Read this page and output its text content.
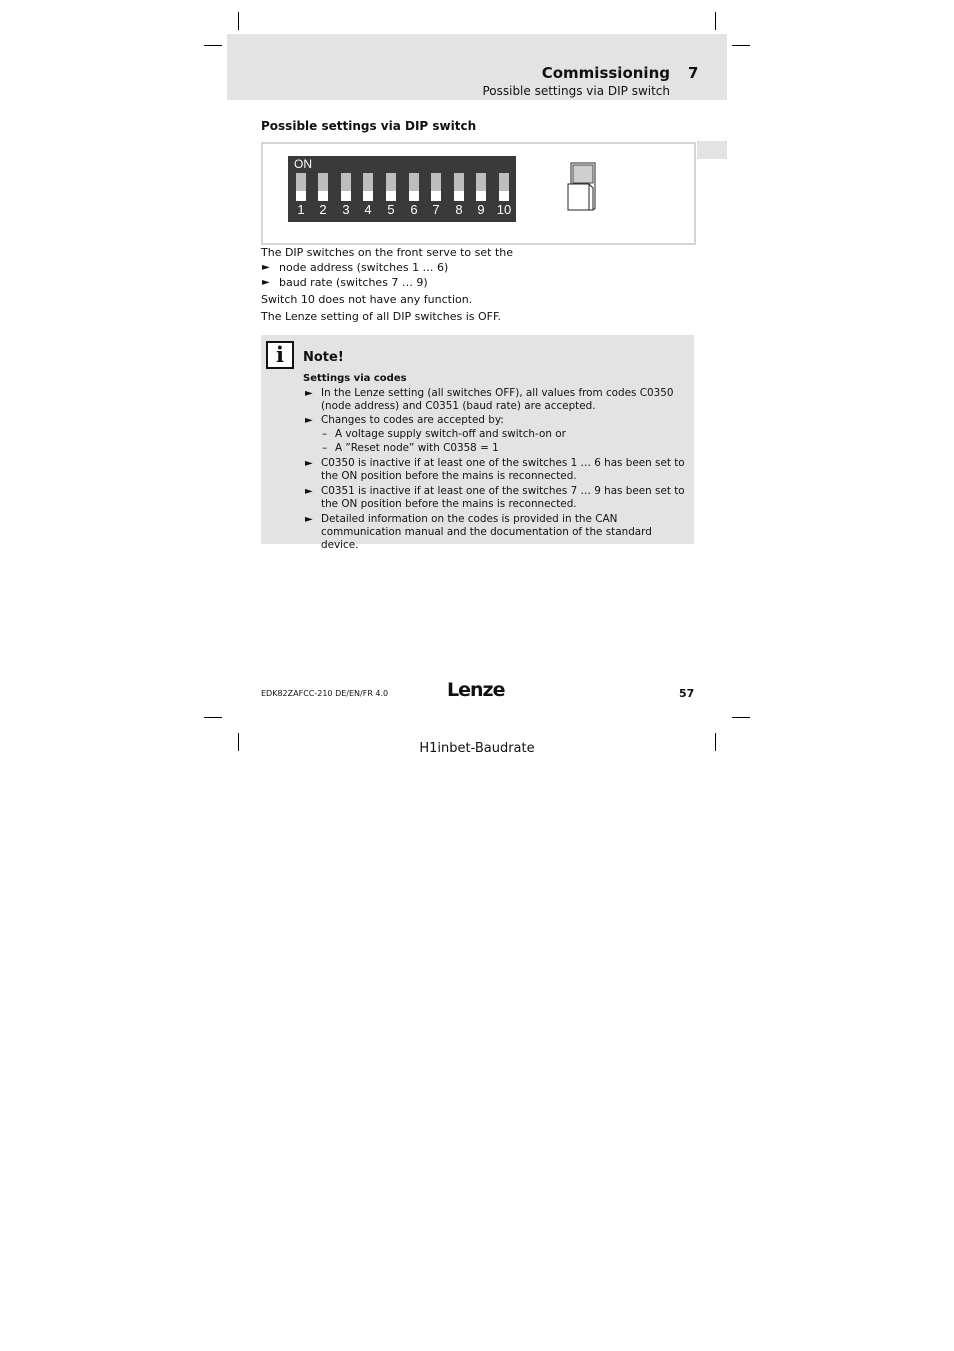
Commissioning 7
Possible settings via DIP switch
Possible settings via DIP switch
1	2	3	4	5	6	7	8	9 10
ON
The DIP switches on the front serve to set the
► node address (switches 1 … 6)
► baud rate (switches 7 … 9)
Switch 10 does not have any function.
The Lenze setting of all DIP switches is OFF.
i	Note!
Settings via codes
► In the Lenze setting (all switches OFF), all values from codes C0350 (node address) and C0351 (baud rate) are accepted.
► Changes to codes are accepted by:
– A voltage supply switch-off and switch-on or
– A ”Reset node” with C0358 = 1
► C0350 is inactive if at least one of the switches 1 … 6 has been set to the ON position before the mains is reconnected.
► C0351 is inactive if at least one of the switches 7 … 9 has been set to the ON position before the mains is reconnected.
► Detailed information on the codes is provided in the CAN communication manual and the documentation of the standard device.
EDK82ZAFCC-210 DE/EN/FR 4.0	Lenze	57
H1inbet-Baudrate
